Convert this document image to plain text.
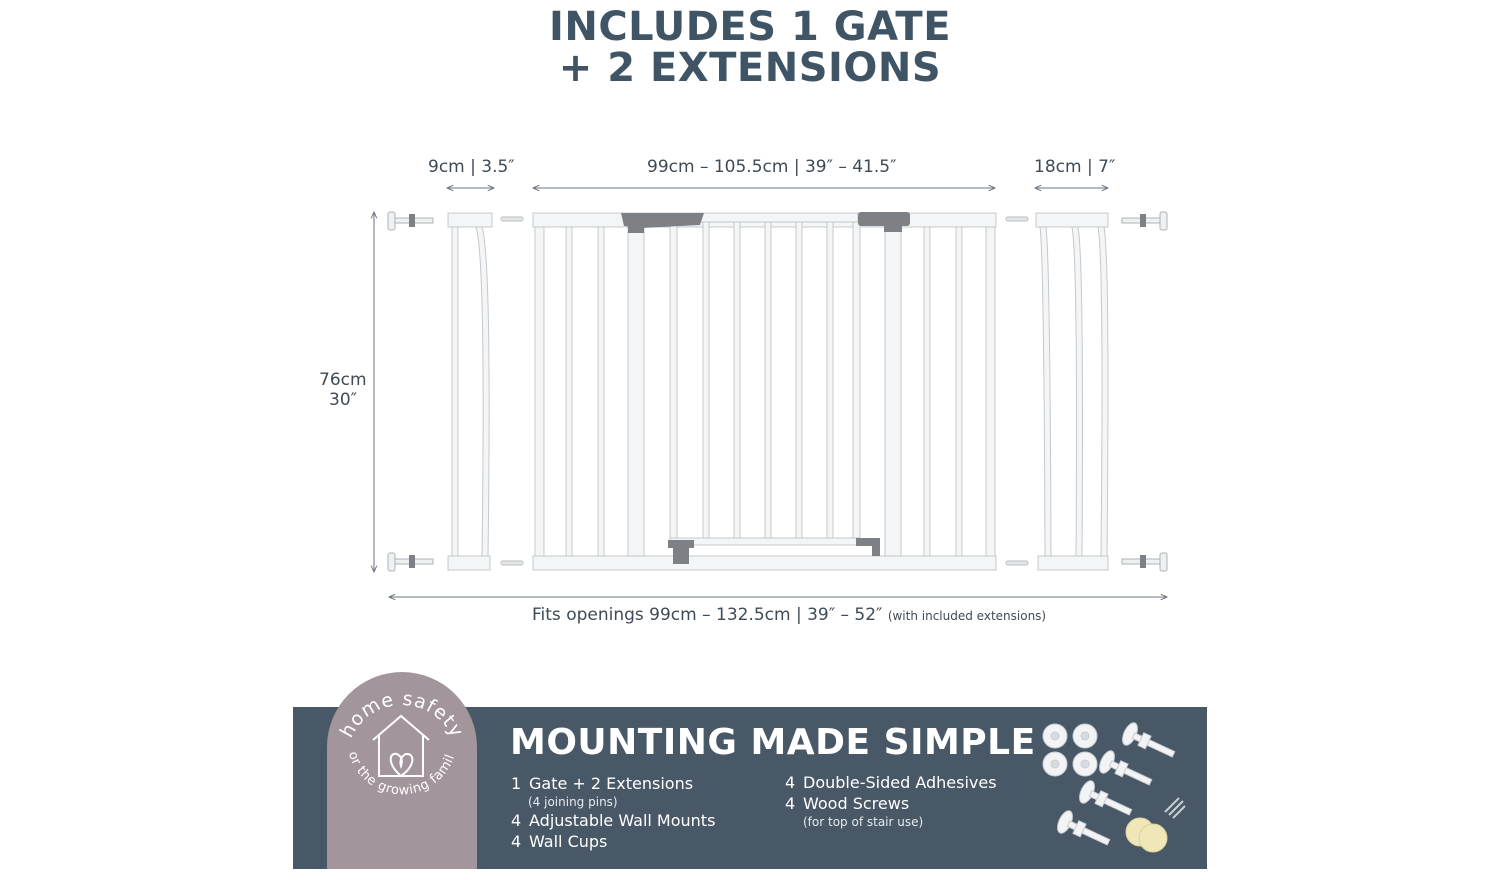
INCLUDES 1 GATE
+ 2 EXTENSIONS
9cm | 3.5″	99cm – 105.5cm | 39″ – 41.5″	18cm | 7″
76cm
30″
Fits openings 99cm – 132.5cm | 39″ – 52″ (with included extensions)
home safety
or the growing famil MOUNTING MADE SIMPLE
1 Gate + 2 Extensions
(4 joining pins)
4 Adjustable Wall Mounts
4 Wall Cups
4 Double-Sided Adhesives
4 Wood Screws
(for top of stair use)
